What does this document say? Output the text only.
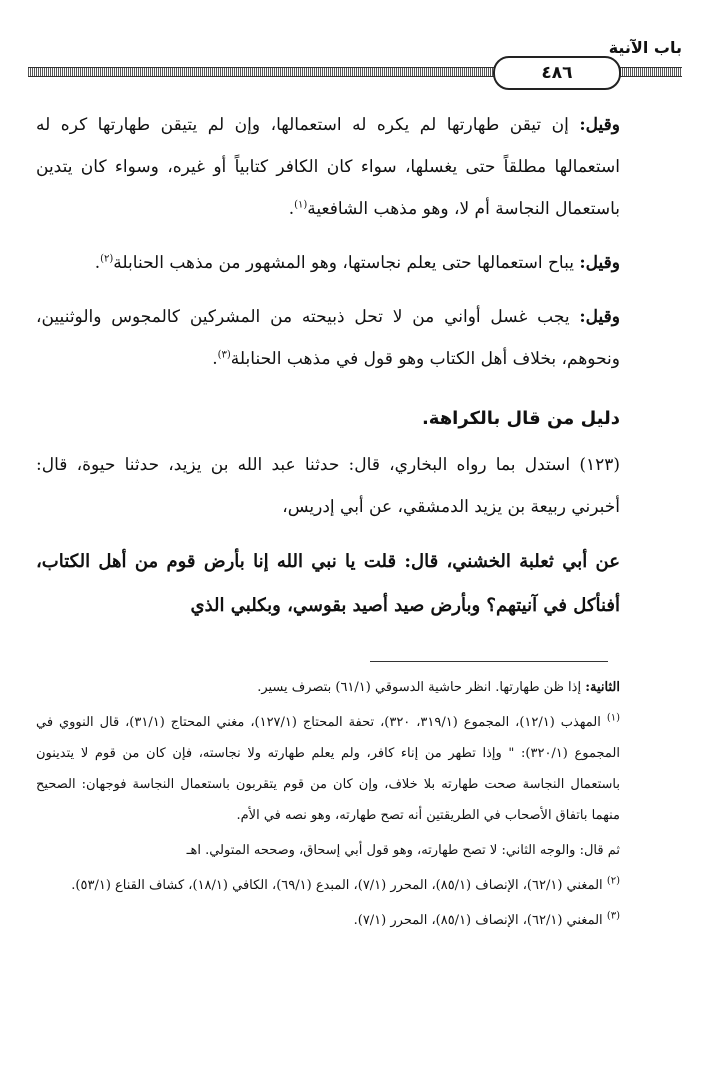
باب الآنية
٤٨٦

وقيل: إن تيقن طهارتها لم يكره له استعمالها، وإن لم يتيقن طهارتها كره له استعمالها مطلقاً حتى يغسلها، سواء كان الكافر كتابياً أو غيره، وسواء كان يتدين باستعمال النجاسة أم لا، وهو مذهب الشافعية$^{(١)}$.

وقيل: يباح استعمالها حتى يعلم نجاستها، وهو المشهور من مذهب الحنابلة$^{(٢)}$.

وقيل: يجب غسل أواني من لا تحل ذبيحته من المشركين كالمجوس والوثنيين، ونحوهم، بخلاف أهل الكتاب وهو قول في مذهب الحنابلة$^{(٣)}$.

دليل من قال بالكراهة.

(١٢٣) استدل بما رواه البخاري، قال: حدثنا عبد الله بن يزيد، حدثنا حيوة، قال: أخبرني ربيعة بن يزيد الدمشقي، عن أبي إدريس،

عن أبي ثعلبة الخشني، قال: قلت يا نبي الله إنا بأرض قوم من أهل الكتاب، أفنأكل في آنيتهم؟ وبأرض صيد أصيد بقوسي، وبكلبي الذي

الثانية: إذا ظن طهارتها. انظر حاشية الدسوقي (٦١/١) بتصرف يسير.

$^{(١)}$ المهذب (١٢/١)، المجموع (٣١٩/١، ٣٢٠)، تحفة المحتاج (١٢٧/١)، مغني المحتاج (٣١/١)، قال النووي في المجموع (٣٢٠/١): " وإذا تطهر من إناء كافر، ولم يعلم طهارته ولا نجاسته، فإن كان من قوم لا يتدينون باستعمال النجاسة صحت طهارته بلا خلاف، وإن كان من قوم يتقربون باستعمال النجاسة فوجهان: الصحيح منهما باتفاق الأصحاب في الطريقتين أنه تصح طهارته، وهو نصه في الأم.

ثم قال: والوجه الثاني: لا تصح طهارته، وهو قول أبي إسحاق، وصححه المتولي. اهـ

$^{(٢)}$ المغني (٦٢/١)، الإنصاف (٨٥/١)، المحرر (٧/١)، المبدع (٦٩/١)، الكافي (١٨/١)، كشاف القناع (٥٣/١).

$^{(٣)}$ المغني (٦٢/١)، الإنصاف (٨٥/١)، المحرر (٧/١).
